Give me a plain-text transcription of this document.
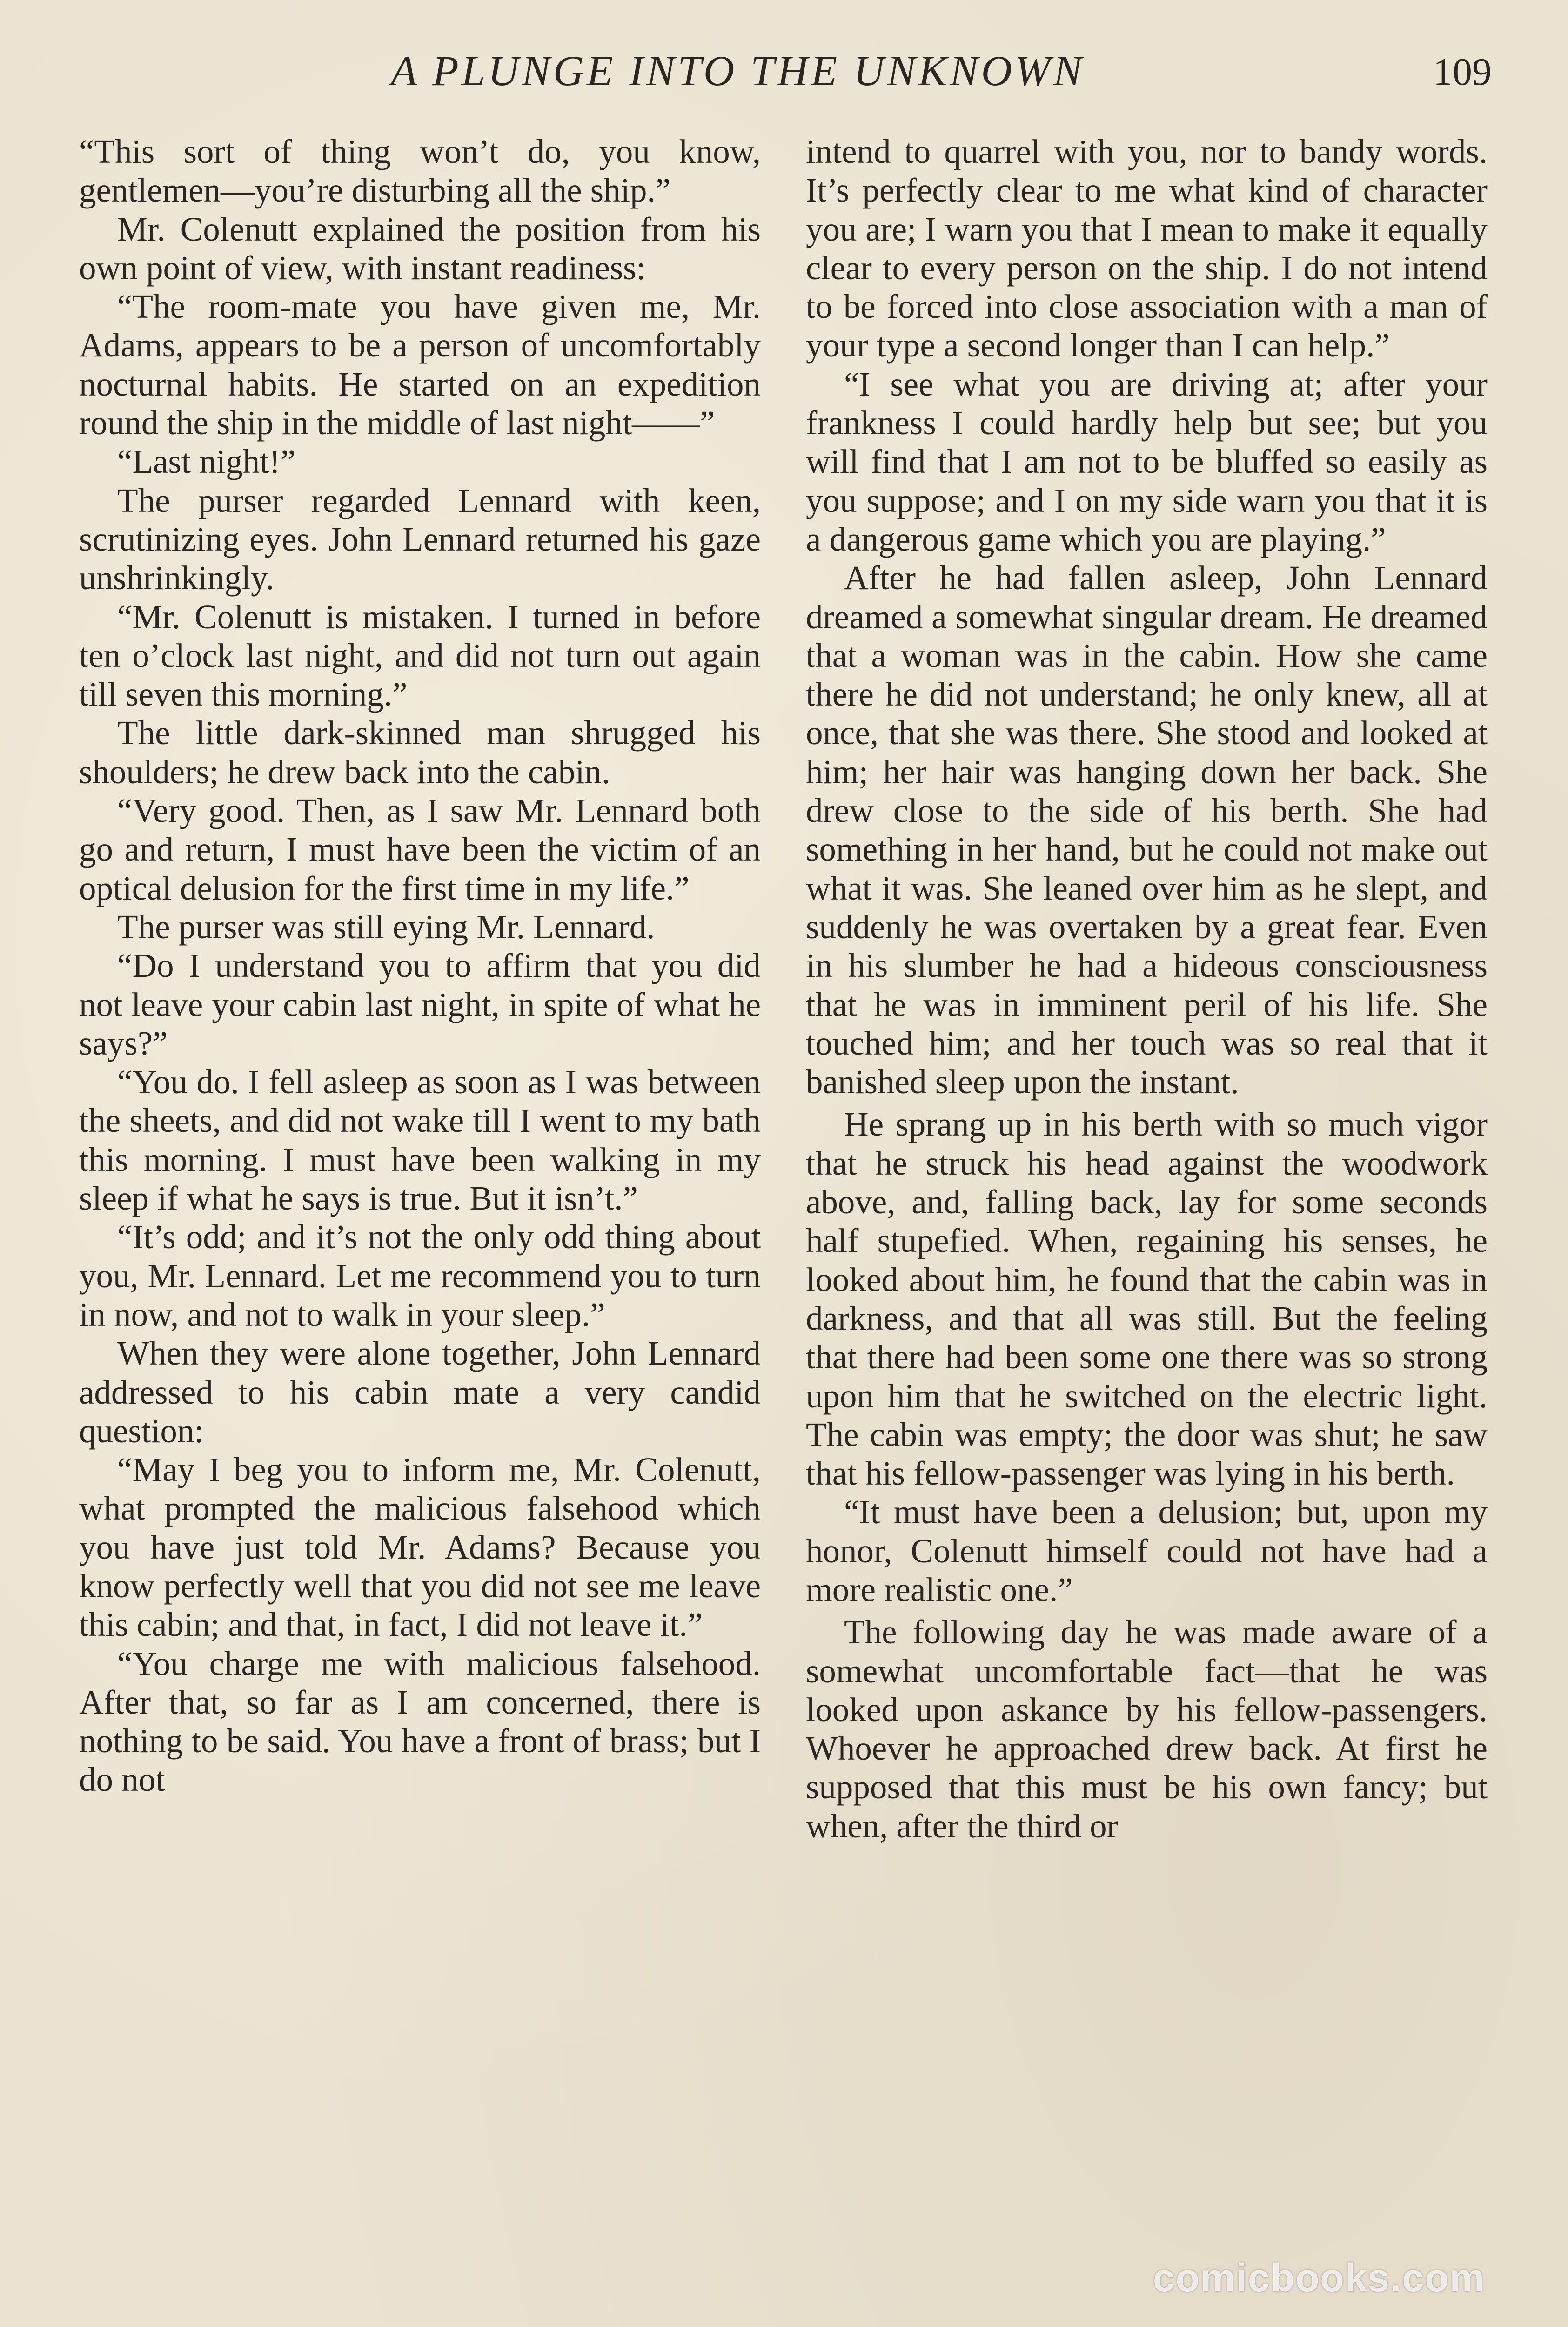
A PLUNGE INTO THE UNKNOWN	109

“This sort of thing won’t do, you know, gentlemen—you’re disturbing all the ship.”

Mr. Colenutt explained the position from his own point of view, with instant readiness:

“The room-mate you have given me, Mr. Adams, appears to be a person of uncomfortably nocturnal habits. He started on an expedition round the ship in the middle of last night——”

“Last night!”

The purser regarded Lennard with keen, scrutinizing eyes. John Lennard returned his gaze unshrinkingly.

“Mr. Colenutt is mistaken. I turned in before ten o’clock last night, and did not turn out again till seven this morning.”

The little dark-skinned man shrugged his shoulders; he drew back into the cabin.

“Very good. Then, as I saw Mr. Lennard both go and return, I must have been the victim of an optical delusion for the first time in my life.”

The purser was still eying Mr. Lennard.

“Do I understand you to affirm that you did not leave your cabin last night, in spite of what he says?”

“You do. I fell asleep as soon as I was between the sheets, and did not wake till I went to my bath this morning. I must have been walking in my sleep if what he says is true. But it isn’t.”

“It’s odd; and it’s not the only odd thing about you, Mr. Lennard. Let me recommend you to turn in now, and not to walk in your sleep.”

When they were alone together, John Lennard addressed to his cabin mate a very candid question:

“May I beg you to inform me, Mr. Colenutt, what prompted the malicious falsehood which you have just told Mr. Adams? Because you know perfectly well that you did not see me leave this cabin; and that, in fact, I did not leave it.”

“You charge me with malicious falsehood. After that, so far as I am concerned, there is nothing to be said. You have a front of brass; but I do not

intend to quarrel with you, nor to bandy words. It’s perfectly clear to me what kind of character you are; I warn you that I mean to make it equally clear to every person on the ship. I do not intend to be forced into close association with a man of your type a second longer than I can help.”

“I see what you are driving at; after your frankness I could hardly help but see; but you will find that I am not to be bluffed so easily as you suppose; and I on my side warn you that it is a dangerous game which you are playing.”

After he had fallen asleep, John Lennard dreamed a somewhat singular dream. He dreamed that a woman was in the cabin. How she came there he did not understand; he only knew, all at once, that she was there. She stood and looked at him; her hair was hanging down her back. She drew close to the side of his berth. She had something in her hand, but he could not make out what it was. She leaned over him as he slept, and suddenly he was overtaken by a great fear. Even in his slumber he had a hideous consciousness that he was in imminent peril of his life. She touched him; and her touch was so real that it banished sleep upon the instant.

He sprang up in his berth with so much vigor that he struck his head against the woodwork above, and, falling back, lay for some seconds half stupefied. When, regaining his senses, he looked about him, he found that the cabin was in darkness, and that all was still. But the feeling that there had been some one there was so strong upon him that he switched on the electric light. The cabin was empty; the door was shut; he saw that his fellow-passenger was lying in his berth.

“It must have been a delusion; but, upon my honor, Colenutt himself could not have had a more realistic one.”

The following day he was made aware of a somewhat uncomfortable fact—that he was looked upon askance by his fellow-passengers. Whoever he approached drew back. At first he supposed that this must be his own fancy; but when, after the third or

comicbooks.com
